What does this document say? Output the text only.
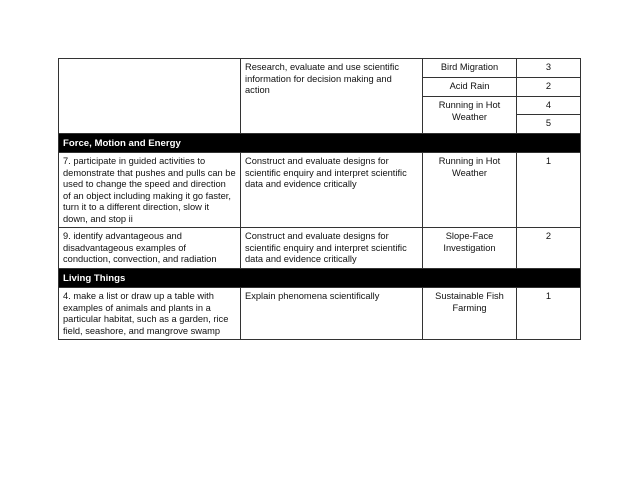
	Research, evaluate and use scientific information for decision making and action	Bird Migration	3
		Acid Rain	2
		Running in Hot Weather	4
			5
Force, Motion and Energy			
7. participate in guided activities to demonstrate that pushes and pulls can be used to change the speed and direction of an object including making it go faster, turn it to a different direction, slow it down, and stop ii	Construct and evaluate designs for scientific enquiry and interpret scientific data and evidence critically	Running in Hot Weather	1
9. identify advantageous and disadvantageous examples of conduction, convection, and radiation	Construct and evaluate designs for scientific enquiry and interpret scientific data and evidence critically	Slope-Face Investigation	2
Living Things			
4. make a list or draw up a table with examples of animals and plants in a particular habitat, such as a garden, rice field, seashore, and mangrove swamp	Explain phenomena scientifically	Sustainable Fish Farming	1
